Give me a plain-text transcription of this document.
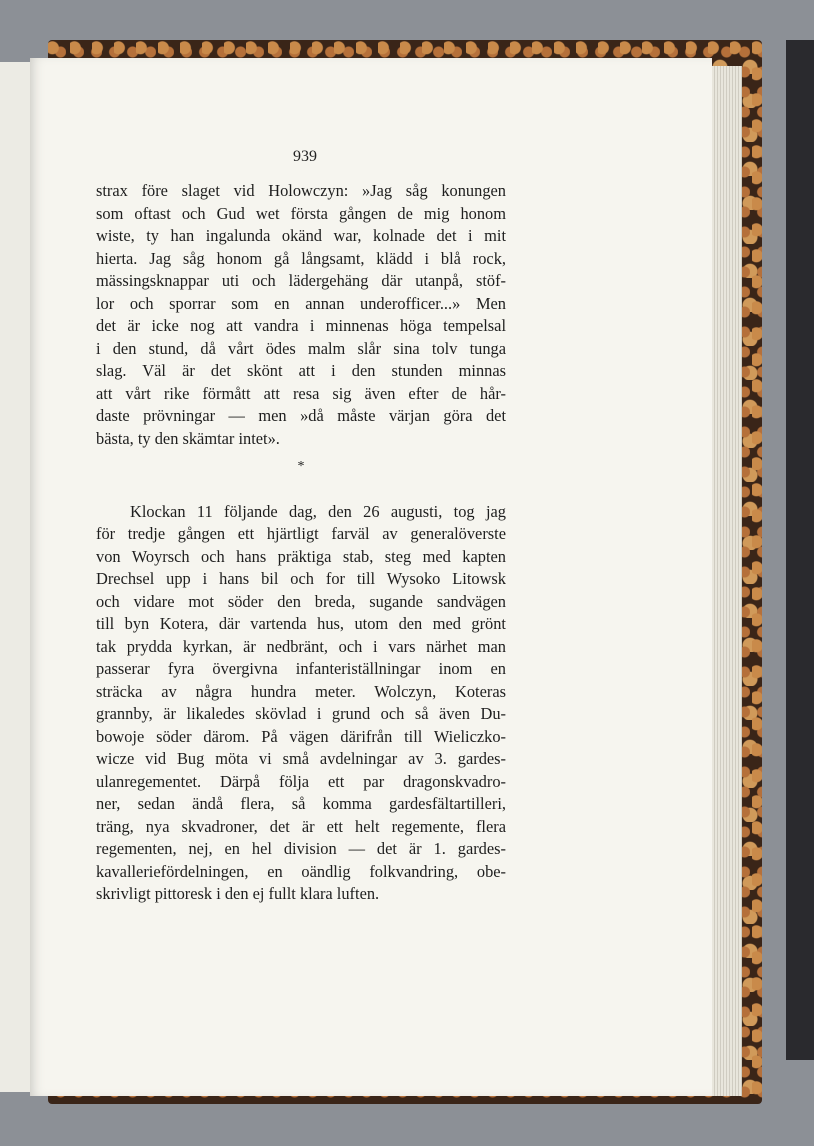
939
strax före slaget vid Holowczyn: »Jag såg konungen
som oftast och Gud wet första gången de mig honom
wiste, ty han ingalunda okänd war, kolnade det i mit
hierta. Jag såg honom gå långsamt, klädd i blå rock,
mässingsknappar uti och lädergehäng där utanpå, stöf-
lor och sporrar som en annan underofficer...» Men
det är icke nog att vandra i minnenas höga tempelsal
i den stund, då vårt ödes malm slår sina tolv tunga
slag. Väl är det skönt att i den stunden minnas
att vårt rike förmått att resa sig även efter de hår-
daste prövningar — men »då måste värjan göra det
bästa, ty den skämtar intet».
*
Klockan 11 följande dag, den 26 augusti, tog jag
för tredje gången ett hjärtligt farväl av generalöverste
von Woyrsch och hans präktiga stab, steg med kapten
Drechsel upp i hans bil och for till Wysoko Litowsk
och vidare mot söder den breda, sugande sandvägen
till byn Kotera, där vartenda hus, utom den med grönt
tak prydda kyrkan, är nedbränt, och i vars närhet man
passerar fyra övergivna infanteriställningar inom en
sträcka av några hundra meter. Wolczyn, Koteras
grannby, är likaledes skövlad i grund och så även Du-
bowoje söder därom. På vägen därifrån till Wieliczko-
wicze vid Bug möta vi små avdelningar av 3. gardes-
ulanregementet. Därpå följa ett par dragonskvadro-
ner, sedan ändå flera, så komma gardesfältartilleri,
träng, nya skvadroner, det är ett helt regemente, flera
regementen, nej, en hel division — det är 1. gardes-
kavalleriefördelningen, en oändlig folkvandring, obe-
skrivligt pittoresk i den ej fullt klara luften.
